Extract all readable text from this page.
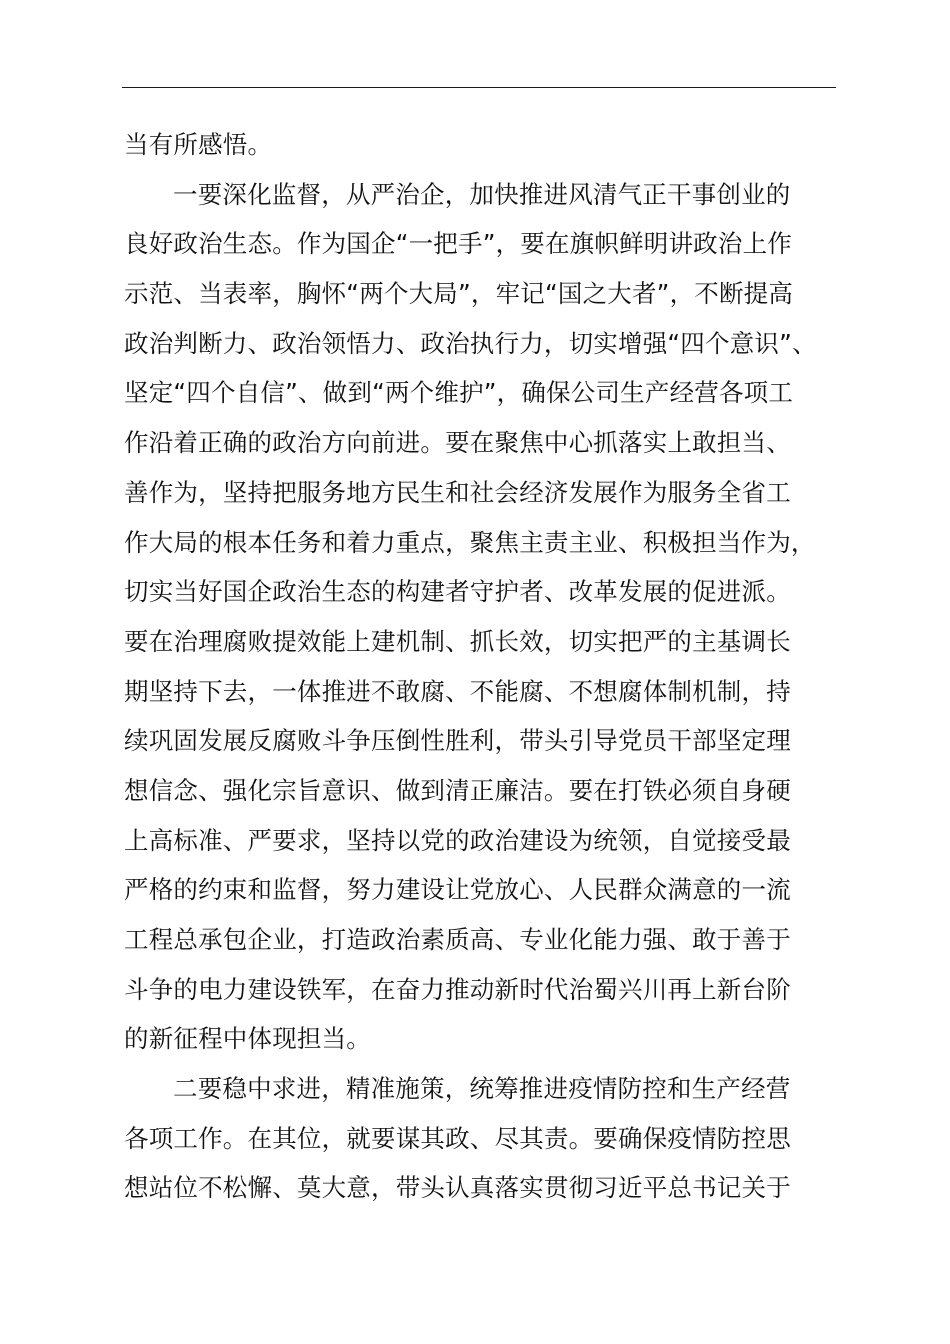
当有所感悟。
一要深化监督，从严治企，加快推进风清气正干事创业的
良好政治生态。作为国企“一把手”，要在旗帜鲜明讲政治上作
示范、当表率，胸怀“两个大局”，牢记“国之大者”，不断提高
政治判断力、政治领悟力、政治执行力，切实增强“四个意识”、
坚定“四个自信”、做到“两个维护”，确保公司生产经营各项工
作沿着正确的政治方向前进。要在聚焦中心抓落实上敢担当、
善作为，坚持把服务地方民生和社会经济发展作为服务全省工
作大局的根本任务和着力重点，聚焦主责主业、积极担当作为，
切实当好国企政治生态的构建者守护者、改革发展的促进派。
要在治理腐败提效能上建机制、抓长效，切实把严的主基调长
期坚持下去，一体推进不敢腐、不能腐、不想腐体制机制，持
续巩固发展反腐败斗争压倒性胜利，带头引导党员干部坚定理
想信念、强化宗旨意识、做到清正廉洁。要在打铁必须自身硬
上高标准、严要求，坚持以党的政治建设为统领，自觉接受最
严格的约束和监督，努力建设让党放心、人民群众满意的一流
工程总承包企业，打造政治素质高、专业化能力强、敢于善于
斗争的电力建设铁军，在奋力推动新时代治蜀兴川再上新台阶
的新征程中体现担当。
二要稳中求进，精准施策，统筹推进疫情防控和生产经营
各项工作。在其位，就要谋其政、尽其责。要确保疫情防控思
想站位不松懈、莫大意，带头认真落实贯彻习近平总书记关于
